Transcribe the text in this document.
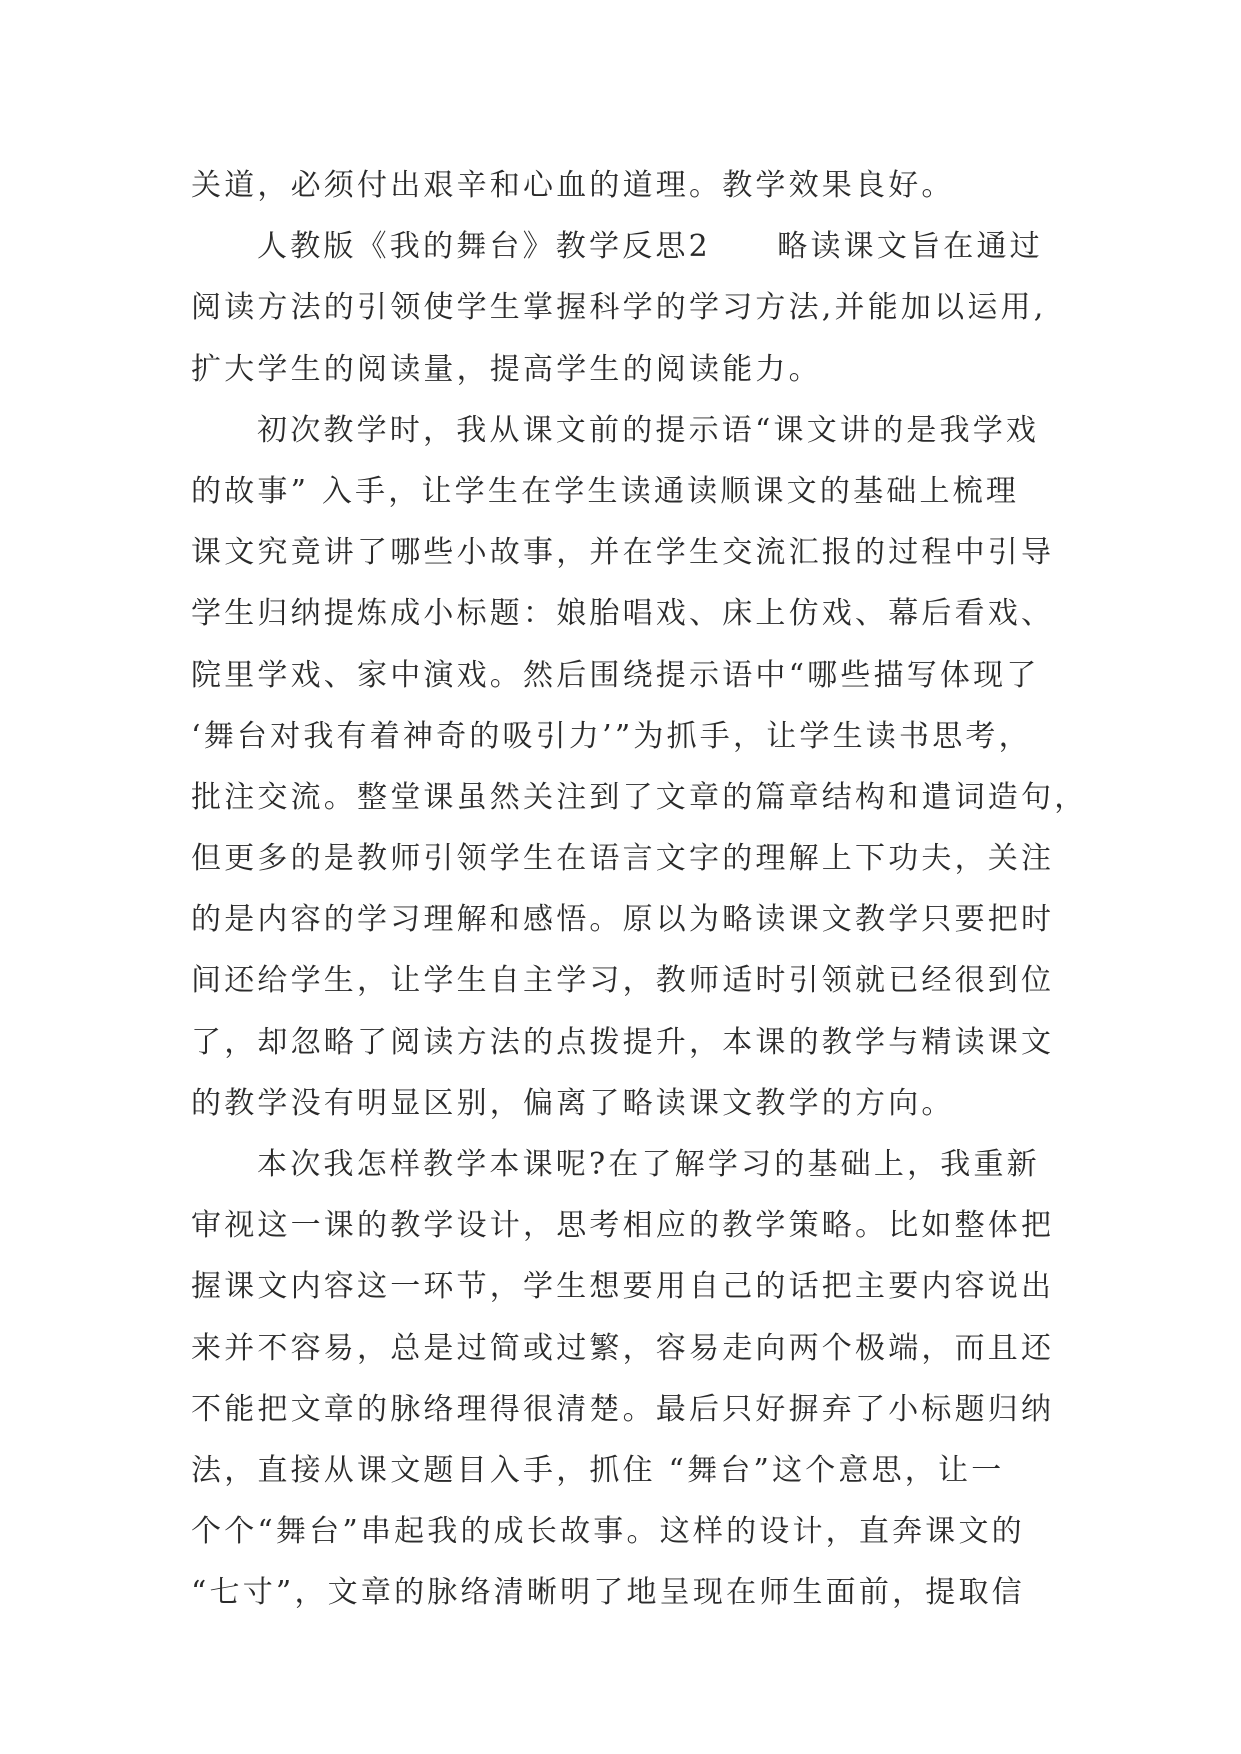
关道，必须付出艰辛和心血的道理。教学效果良好。
人教版《我的舞台》教学反思2　　略读课文旨在通过
阅读方法的引领使学生掌握科学的学习方法,并能加以运用,
扩大学生的阅读量，提高学生的阅读能力。
初次教学时，我从课文前的提示语“课文讲的是我学戏
的故事” 入手，让学生在学生读通读顺课文的基础上梳理
课文究竟讲了哪些小故事，并在学生交流汇报的过程中引导
学生归纳提炼成小标题：娘胎唱戏、床上仿戏、幕后看戏、
院里学戏、家中演戏。然后围绕提示语中“哪些描写体现了
‘舞台对我有着神奇的吸引力’”为抓手，让学生读书思考，
批注交流。整堂课虽然关注到了文章的篇章结构和遣词造句，
但更多的是教师引领学生在语言文字的理解上下功夫，关注
的是内容的学习理解和感悟。原以为略读课文教学只要把时
间还给学生，让学生自主学习，教师适时引领就已经很到位
了，却忽略了阅读方法的点拨提升，本课的教学与精读课文
的教学没有明显区别，偏离了略读课文教学的方向。
本次我怎样教学本课呢?在了解学习的基础上，我重新
审视这一课的教学设计，思考相应的教学策略。比如整体把
握课文内容这一环节，学生想要用自己的话把主要内容说出
来并不容易，总是过简或过繁，容易走向两个极端，而且还
不能把文章的脉络理得很清楚。最后只好摒弃了小标题归纳
法，直接从课文题目入手，抓住 “舞台”这个意思，让一
个个“舞台”串起我的成长故事。这样的设计，直奔课文的
“七寸”，文章的脉络清晰明了地呈现在师生面前，提取信
